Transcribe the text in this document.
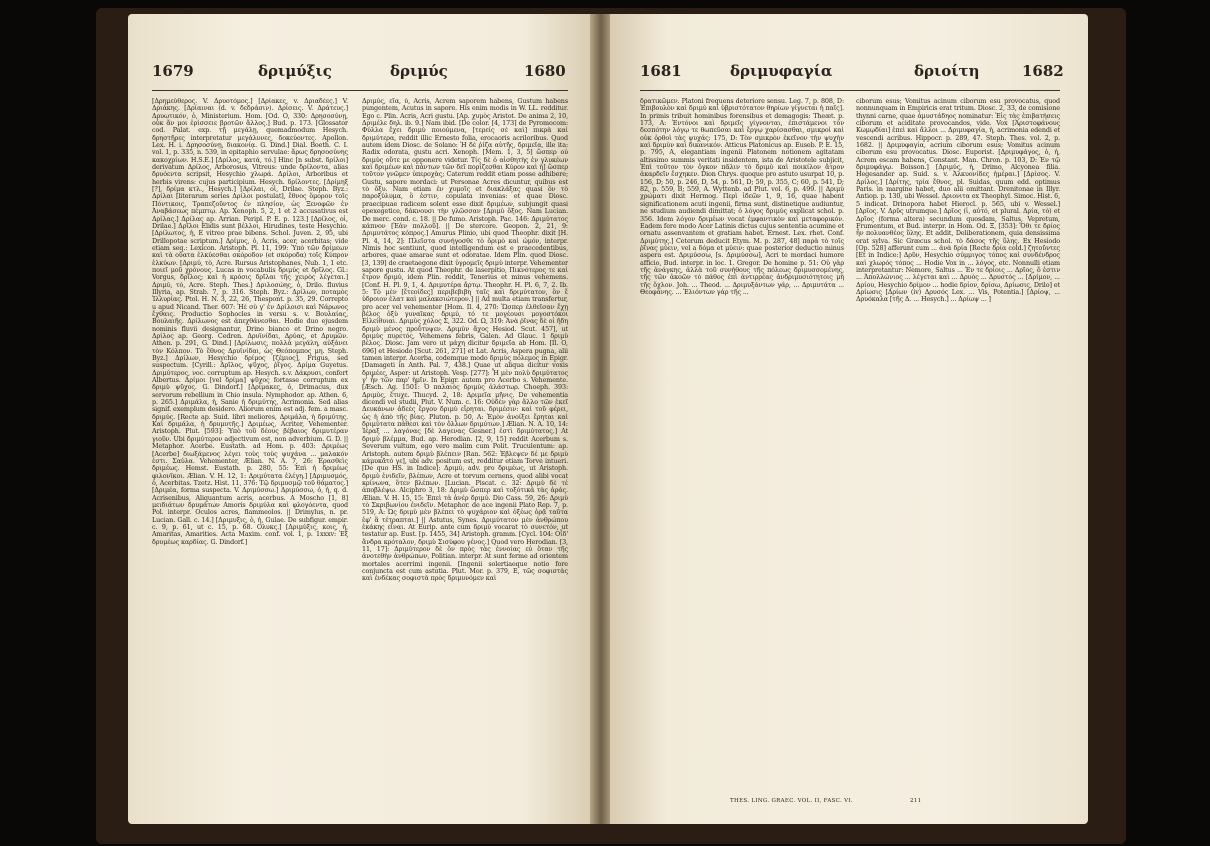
1679	δριμύξις	δριμύς	1680

[Δρημεύθερος. V. Δρυοτόμος.] [Δρίακες, v. Δριαδέες.] V. Δριάκης. [Δρίαιναι (d. v. δεδράσιν). Δρίσεις. V. Δράτευς.] Δρυωτικόν, ὁ, Ministerium. Hom. [Od. O, 330: Δρησοσύνῃ, οὐκ ἄν μοι ἐρίσσειε βροτῶν ἄλλος.] Bud. p. 173. [Glossator cod. Palat. exp. τῇ μεγάλῃ, quemadmodum Hesych. δρηστῆρες interpretatur μεγάλυνες, δοκεύοντες. Apollon. Lex. H. i. Δρησοσύνῃ, διακονίᾳ. G. Dind.] Dial. Boeth. C. I. vol. 1, p. 335, n. 539, in epitaphio servulae: ἄρως δρησοσύνης κακοχρίων. H.S.E.] [Δρίλος, κατά, τό.] Hinc [n subst. δρίλοι] derivatum Δρίλος, Arborosus, Vitreus: unde δρίλοντα, alias δρυόεντα scripsit, Hesychio χλωρά. Δρίλοι, Arboribus et herbis virens: cujus participium. Hesych. δρίλοντες. [Δρίμηξ [?], δρίμα κτλ., Hesych.] [Δρίλαι, οἱ, Drilae. Steph. Byz.: Δρίλαι [literarum series Δρίλοι postulat], ἔθνος ὅμορον τοῖς Πόντικοις, Τραπεζοῦντος ἐν πλησίον, ὡς Ξενοφῶν ἐν Ἀναβάσεως πέμπτῳ. Ap. Xenoph. 5, 2, 1 et 2 accusativus est Δρίλας.] Δρίλας ap. Arrian. Peripl. P. E. p. 123.] [Δρίλος, οἱ, Drilae.] Δρῖλοι Elidis sunt βέλλοι, Hirudines, teste Hesychio. [Δρίλωτος, ἡ, E vitreo prae bibens. Schol. Juven. 2, 95, ubi Drillopotae scriptum.] Δρίμυς, ὁ, Acris, acer, acerbitas; vide etiam seq.: Lexicon. Aristoph. Pl. 11, 199: Ὑπὸ τῶν δρίμεων καὶ τὰ οὔατα ἑλκύεσθαι σκόροδον (et σκόροδα) τοῖς Κύπρον ἑλκύων. [Δριμύ, τὸ, Acre. Rursus Aristophanes, Nub. 1, 1 etc. ποιεῖ μοῦ χρόνους. Lucas in vocabulis δριμύς et δρῖλος. Gl.: Vorgus, δρῖλος; καὶ ἡ κρόσις δρῖλαι τῆς χειρὸς λέγεται.] Δριμὺ, τὸ, Acre. Steph. Thes.] Δριλοσώης, ὁ, Drilo. fluvius Illyria, ap. Strab. 7, p. 316. Steph. Byz.: Δρίλων, ποταμὸς Ἰλλυρίας. Ptol. H. N. 3, 22, 26, Thespont. p. 35, 29. Correpto u apud Nicand. Ther. 607: Ἠὲ σὺ γ' ἐν Δρίλοισι καὶ Νάρωνος ἔχθαις. Productio Sophocles in versu s. v. Βουλαίας, Βουλαιῆς. Δρίλωνος est ἀπεχθάνεσθαι. Hodie duo ejusdem nominis fluvii designantur, Drino bianco et Drino negro. Δρίλος ap. Georg. Cedren. Δρυϊνίδαι, Δρύας, et Δρυμῶν. Athen. p. 291, G. Dind.] [Δρίλωσις, πολλὰ μεγάλη, αὐξάνει τὸν Κόλπον. Τὸ ἔθνος Δρυϊνίδαι, ὡς Θεόπομπος μη. Steph. Byz.] Δρίλων, Hesychio δρίμος [ζέμιος], Frigus, sed suspectum. [Cyrill.: Δρῖλος, ψῦχος, ῥῖγος. Δρίμα Guyetus. Δριμύτερος, νοc. corruptum ap. Hesych. s.v. Δάκρυσι, confert Albertus. Δρίμοι [vel δρίμα] ψῦχος fortasse corruptum ex δριμὺ ψῦχος. G. Dindorf.] [Δρίμακες, ὁ, Drimacus, dux servorum rebellium in Chio insula. Nymphodor. ap. Athen. 6, p. 265.] Δριμάλα, ἡ, Sanie ἡ δριμύτης, Acrimonia. Sed alias signif. exemplum desidero. Aliorum enim est adj. fem. a masc. δριμύς. [Recte ap. Suid. libri meliores, Δριμάλα, ἡ δριμύτης. Καὶ δριμάλα, ἡ δρυμυτῆς.] Δριμέως, Acriter, Vehementer. Aristoph. Plut. [593]: Ὑπὸ τοῦ δέους βέβαιος δριμυτέραν γιοῦν. Ubi δριμύτερον adjectivum est, non adverbium. G. D. || Metaphor. Acerbe. Eustath. ad Hom. p. 403: Δριμέως [Acerbe] διωξάμενος λέγει τοὺς τοὺς ψυχάνα ... μαλακόν ἐστι. Σαύλα. Vehementer, Ælian. N. A. 7, 26: Ἐρασθεὶς δριμέως. Hemst. Eustath. p. 280, 55: Ἐπὶ ἡ δριμέως φιλονῖκοι. Ælian. V. H. 12, 1: Δριμύτατα ἐλέγη.] [Δριμυσμός, ὁ, Acerbitas. Tzetz. Hist. 11, 376: Τῷ δριμυσμῷ τοῦ θάματος.] [Δριμέα, forma suspecta. V. Δριμύσσω.] Δριμύσσω, ὁ, ἡ, q. d. Acrisenibus, Aliquantum acris, acerbus. A Moscho [1, 8] μειδιάτων δρυμάτων Amoris δριμύλα καὶ φλογόεντα, quod Pol. interpr. Oculos acres, flammeolos. || Drimylus, n. pr. Lucian. Gall. c. 14.] [Δριμυξις, ὁ, ἡ, Gulae. De subfigur. empir. c. 9, p. 61, ut c. 15, p. 68. Ολυκς.] [Δριμύξις, κοις, ἡ, Amaritas, Amarities. Acta Maxim. conf. vol. 1, p. 1xxxv: Ἐξ δρυμέως καρδίας. G. Dindorf.]

Δριμύς, εῖα, ύ, Acris, Acrem saporem habens, Gustum habens pungentem, Acutus in sapore. His enim modis in W. LL. redditur. Ego c. Plin. Acris, Acri gustu. [Ap. χυμὸς Aristot. De anima 2, 10, Δριμέλε δηλ. ib. 9.] Nam ibid. [De color. [4, 173] de Pyromocom: Φύλλα ἔχει δριμὺ ποιούμενα, [τερείς σὲ καὶ] πικρὰ καὶ δριμύτερα, reddit illic Ernesto folia, erocaoris acriloribus. Quod autem idem Diosc. de Solano: Ἡ δὲ ῥίζα αὐτῆς, δριμεῖα, ille ita: Radix odorata, gustu acri. Xenoph. [Mem. 1, 3, 5] ὥσπερ οὐ δριμὺς οὔτε με opponere videtur. Τίς δὲ ὁ αἰσθητὴς ἐν γλυκέων καὶ δριμέων καὶ πάντων τῶν δεῖ πορίζεσθαι Κύρον καὶ ἡ] ὥσπερ τοῦτον γνῶμεν ὑπεροχὰς; Caterum reddit etiam posse adhibere; Gustu, sapore mordaci: ut Personae Acres dicuntur, quibus est τὸ ὄξυ. Nam etiam ἐν χυμοῖς et διακλάξας quasi ὂν τὸ παροξύλυμα, ὃ ἐστιν, copulata invenias: et quae Diosc. praecipuae radicem solent esse dixit δριμέων, subjungit quasi epexegetice, δάκνουσι τὴν γλῶσσαν [Δριμὺ ὄξος. Nam Lucian. De merc. cond. c. 18. || De fumo. Aristoph. Pac. 146: Δριμύτατος κάπνον [Ἐὰν πολλοῦ]. || De stercore. Geopon. 2, 21, 9: Δριμυτάτος κόπρος.] Amurus Plinio, ubi quod Theophr. dixit [H. Pl. 4, 14, 2]: Πλεῖστα συνήγοσθε τὸ ὄριμὸ καὶ ὠμόν, interpr. Nimis hoc sentiunt, quod intelligendum est e praecedentibus, arbores, quae amarae sunt et odoratae. Idem Plin. quod Diosc. [3, 139] de craetaegone dixit ὑγρομεῖς δριμὺ interpr. Vehementer sapore gustu. At quod Theophr. de laserpitio, Πικνότερος τε καὶ ἔτρον δριμύ, idem Plin. reddit, Tenerius et minus vehemens. [Conf. H. Pl. 9, 1, 4. Δριμυτέρα ἄρτῳ. Theophr. H. Pl. 6, 7, 2. Ib. 5: Τὸ μὲν [ἔτεοίδες] περιβεβιβη ταῖς καὶ δριμύτατον, ὃν ἔ ὑδροιον ἐλατ καὶ μαλακσιώτερον.] || Ad multa etiam transfertur, pro acer vel vehementer [Hom. Il. 4, 270: Ὥσπερ ἐλθεῖσαν ἔχῃ βέλος ὀξὺ γυναῖκας δριμύ, τό τε μογέουσι μογοστόκοι Εἰλείθυιαι. Δριμὺς χόλος Σ, 322. Od. Ω, 319: Ἀνὰ ῥῖνας δὲ οἱ ἤδη δριμὺ μένος προὔτυψεν. Δριμὺν ἄχος Hesiod. Scut. 457], ut δριμὺς πυρετός, Vehemens febris, Galen. Ad Glauc. 1 δριμὺ βέλος. Diosc. Jam vero ut μάχη dicitur δριμεῖα ab Hom. [Il. O, 696] et Hesiodo [Scut. 261, 271] et Lat. Acris, Aspera pugna, alii tamen interpr. Acerba, codemque modo δριμὺς πόλεμος in Epigr. [Damageti in Anth. Pal. 7, 438.] Quae ut aliqua dicitur voxis δριμέες, Asper: ut Aristoph. Vesp. [277]: Ἦ μὲν πολὺ δριμύτατος γ' ἦν τῶν παρ' ἡμῖν. In Epigr. autem pro Acerbo s. Vehemente. [Æsch. Ag. 1501: Ὁ παλαιὸς δριμὺς ἀλάστωρ. Choeph. 393: Δριμὺς, ἔτυχε. Thucyd. 2, 18: Δριμεῖα μῆνις. De vehementia dicendi vel studii, Plut. V. Num. c. 16: Οὐδὲν γὰρ ἄλλο τῶν ἐκεῖ Δευκάνων ἀδεὲς ἔργου δριμὺ εἴρηται. δριμέσιν: καὶ τοῦ φέρει, ὡς ἡ ἀπὸ τῆς βίας. Pluton. p. 50, A: Ἐμὸν ἀνοίξει ἔρηται καὶ δριμύτατα πάθεσι καὶ τὸν ὄλλων δριμύτων.] Ælian. N. A. 10, 14: Ἱέραξ ... λαγόνας [δὲ λαγενας Gesner.] ἐστὶ δριμύτατος.] At δριμὺ βλέμμα, Bud. ap. Herodian. [2, 9, 15] reddit Acerbum s. Severum vultum, ego vero malim cum Polit. Truculentum: ap. Aristoph. autem δριμὺ βλέπειν [Ran. 562: Ἐβλεψεν δέ με δριμὺ κάμυκᾶτό γε], ubi adv. positum est, redditur etiam Torve intueri. [De quo HS. in Indice]: Δριμὺ, adv. pro δριμέως, ut Aristoph. δριμὺ ἐνιδεῖν, βλέπων, Acre et torvum cernens, quod alibi vocat κρίνωνα, ὅτεν βλέπων. [Lucian. Piscat. c. 32: Δριμὺ δὲ τέ ἀποβλέψω. Alciphro 3, 18: Δριμὺ ὥσπερ καὶ τοξότικά τὰς ἀράς. Ælian. V. H. 15, 15: Ἐπεὶ τὰ ἀνέρ δριμύ. Dio Cass. 59, 26: Δριμὺ τὸ Σκριβωνίου ἐνιδεῖν. Metaphor. de ace ingenii Plato Rep. 7, p. 519, A: Ὡς δριμὺ μὲν βλέπει τὸ ψυχάριον καὶ ὀξέως ὁρᾷ ταῦτα ἐφ' ἃ τέτραπται.] || Astutus, Synes. Δριμύτατον μὲν ἀνθρώπου ἐκάκης εἶναι. At Eurip. ante cum δριμὺ vocarat τὸ συνετόν, ut testatur ap. Eust. [p. 1455, 34] Aristoph. gramm. [Cycl. 104: Οἶδ' ἄνδρα κρόταλον, δριμὺ Σισύφου γένος.] Quod vero Herodian. [3, 11, 17]: Δριμύτερον δὲ ὄν πρὸς τὰς ἐννοίας εὐ ὅταν τῆς ἀνοτεθὴν ἀνθρώπων, Politian. interpr. At sunt ferme ad orientem mortales acerrimi ingenii. [Ingenii solertiaeque notio fore conjuncta est cum astutia. Plut. Mor. p. 379, E, τῶς σοφιστὰς καὶ ἐνδέκας σοφιστὰ πρὸς δριμυνόμεν καὶ

1681	δριμυφαγία	δριοίτη	1682

δρατικῶμεν. Platoni frequens deteriore sensu. Leg. 7, p. 808, D: Ἐπιβουλὸν καὶ δριμὺ καὶ ὑβριστότατον θηρίων γίγνεται ἡ παῖς]. In primis tribuit hominibus forensibus et demagogis: Theæt. p. 173, A: Ἐντόνοι καὶ δριμεῖς γίγνονται, ἐπιστάμενοι τὸν δεσπότην λόγῳ τε θωπεῦσαι καὶ ἔργῳ χαρίσασθαι, σμικροὶ καὶ οὐκ ὀρθοὶ τὰς ψυχάς: 175, D: Τὸν σμικρὸν ἐκεῖνον τὴν ψυχὴν καὶ δριμὺν καὶ δικανικόν. Atticus Platonicus ap. Euseb. P. E. 15, p. 795, A, elegantiam ingenii Platonem notionem agitatam altissimo summis veritati insidentem, ista de Aristotele subjicit, Ἐπὶ τοῦτον τὸν ὄγκον πᾶλιν τὸ δριμὺ καὶ ποικίλον ἄτρον ἀκαρδεῖν ἔσχηκεν. Dion Chrys. quoque pro astuto usurpat 10, p. 156, D; 50, p. 246, D, 54, p. 561, D; 59, p. 355, C; 60, p. 541, D; 82, p. 559, B; 559, A. Wyttenb. ad Plut. vol. 6, p. 499. || Δριμὺ χρώματι dixit Hermog. Περὶ ἰδεῶν 1, 9, 16, quae habent significationem acuti ingenii, firma sunt, distinetique audiuntur, ne studium audiendi dimittat; ὁ λόγος δριμὺς explicat schol. p. 356. Idem λόγον δριμέων vocat ἐμφαντικὸν καὶ μεταφορικόν. Eadem fere modo Acer Latinis dictus cujus sententia acumine et ornatu assenvantem et gratiam habet. Ernest. Lex. rhet. Conf. Δριμύτης.] Ceterum deducit Etym. M. p. 287, 48] παρὰ τὸ τοῖς ῥῖνας μύειν, vel a δόμα et μύειν: quae posterior deductio minus aspera est. Δριμύσσω, [s. Δριμύσσω], Acri te mordaci humore afficio, Bud. interpr. in loc. 1. Gregor. De homine p. 51: Οὐ γὰρ τῆς ἀνάγκης, ἀλλὰ τοῦ συνήθους τῆς πόλεως δριμυσσομένης, τῆς τῶν ἀκοῶν τὸ πάθος ἐπὶ ἀντιρρέας ἀνδριμυσιότητοις μὴ τῆς ὄχλον. Joh. ... Theod. ... Δριμυξάντων γάρ, ... Δριμυτάτα ... Θεοφάνης. ... Ἐλιόντων γάρ τῆς ...

ciborum esus; Vomitus acinum ciborum esu provocatus, quod nonnunquam in Empiricis erat tritum. Diosc. 2, 33, de comisione thynni carne, quae ἀμυστάδηος nominatur: Ἐἰς τὰς ἐπιβατήσεις ciborum et aciditate provocandos, vide. Vox [Ἀριστοφάνους Κωμῳδίαι] ἐπεὶ καὶ ἄλλοι ... Δριμυφαγία, ἡ, acrimonia edendi et vescendi acribus. Hippocr. p. 289, 47. Steph. Thes. vol. 2, p. 1682. || Δριμυφαγία, acrium ciborum esus; Vomitus acinum ciborum esu provocatus. Diosc. Euporist. [Δριμυφάγος, ὁ, ἡ, Acrem escam habens, Constant. Man. Chron. p. 103, D: Ἐν τῷ δριμυφάγῳ. Boisson.] [Δριμύς, ἡ, Drimo, Alcyonea filia. Hegesander ap. Suid. s. v. Ἀλκυονίδες ἡμέραι.] [Δρίσος. V. Δρίλος.] [Δρίτης, τρία ἔθνος, pl. Suidas, quum edd. optimus Paris. in margine habet, duo alii omittant. Drenitonae in Illyr. Antiop. p. 130, ubi Wessel. Δριονιτα ex Theophyl. Simoc. Hist. 6, 5 indicat. Drinopora habet Hierocl. p. 565, ubi v. Wessel.] [Δρῖος. V. Δρῦς utrumque.] Δρῖος (ἰ, αὐτό, et plural. Δρία, τὸ) et Δρῖος (forma altera) secundum quosdam, Saltus, Vepretum, Frumentum, et Bud. interpr. in Hom. Od. Ξ, [353]: Ὅθι τε δρίος ἦν πολυανθέος ὕλης. Et addit, Deliberationem, quia densissima erat sylva. Sic Græcus schol. τὸ δάσος τῆς ὕλης. Ex Hesiodo [Op. 528] afferunt cum ... ἀνὰ δρία [Recte δρία cold.] ζητοῦντες [Et in Indice:] Δρῦν, Hesychio σύμμιγος τόπος καὶ συνδένδρος καὶ χλωρός τόπος ... Hodie Vox in ... λόγος, etc. Nonnulli etiam interpretantur: Nemore, Saltus ... Ἐν τε δρίοις ... Δρῖος, ὅ ἐστιν ... Ἀπολλώνιος ... λέγεται καὶ ... Δρυὸς ... Δρυστός ... [Δρίμον, ... Δρίου, Hesychio δρίμον ... hodie δρίον, δρίσω, Δρίωσις, Drilo] et Δρίωσις [Δρίων (iv) Δρυσός Lex. ... Vis, Potentia.] [Δρίοψ, ... Δρυόκαλα [τῆς Δ. ... Hesych.] ... Δρίωψ ... ]

THES. LING. GRAEC. VOL. II, FASC. VI.	211
